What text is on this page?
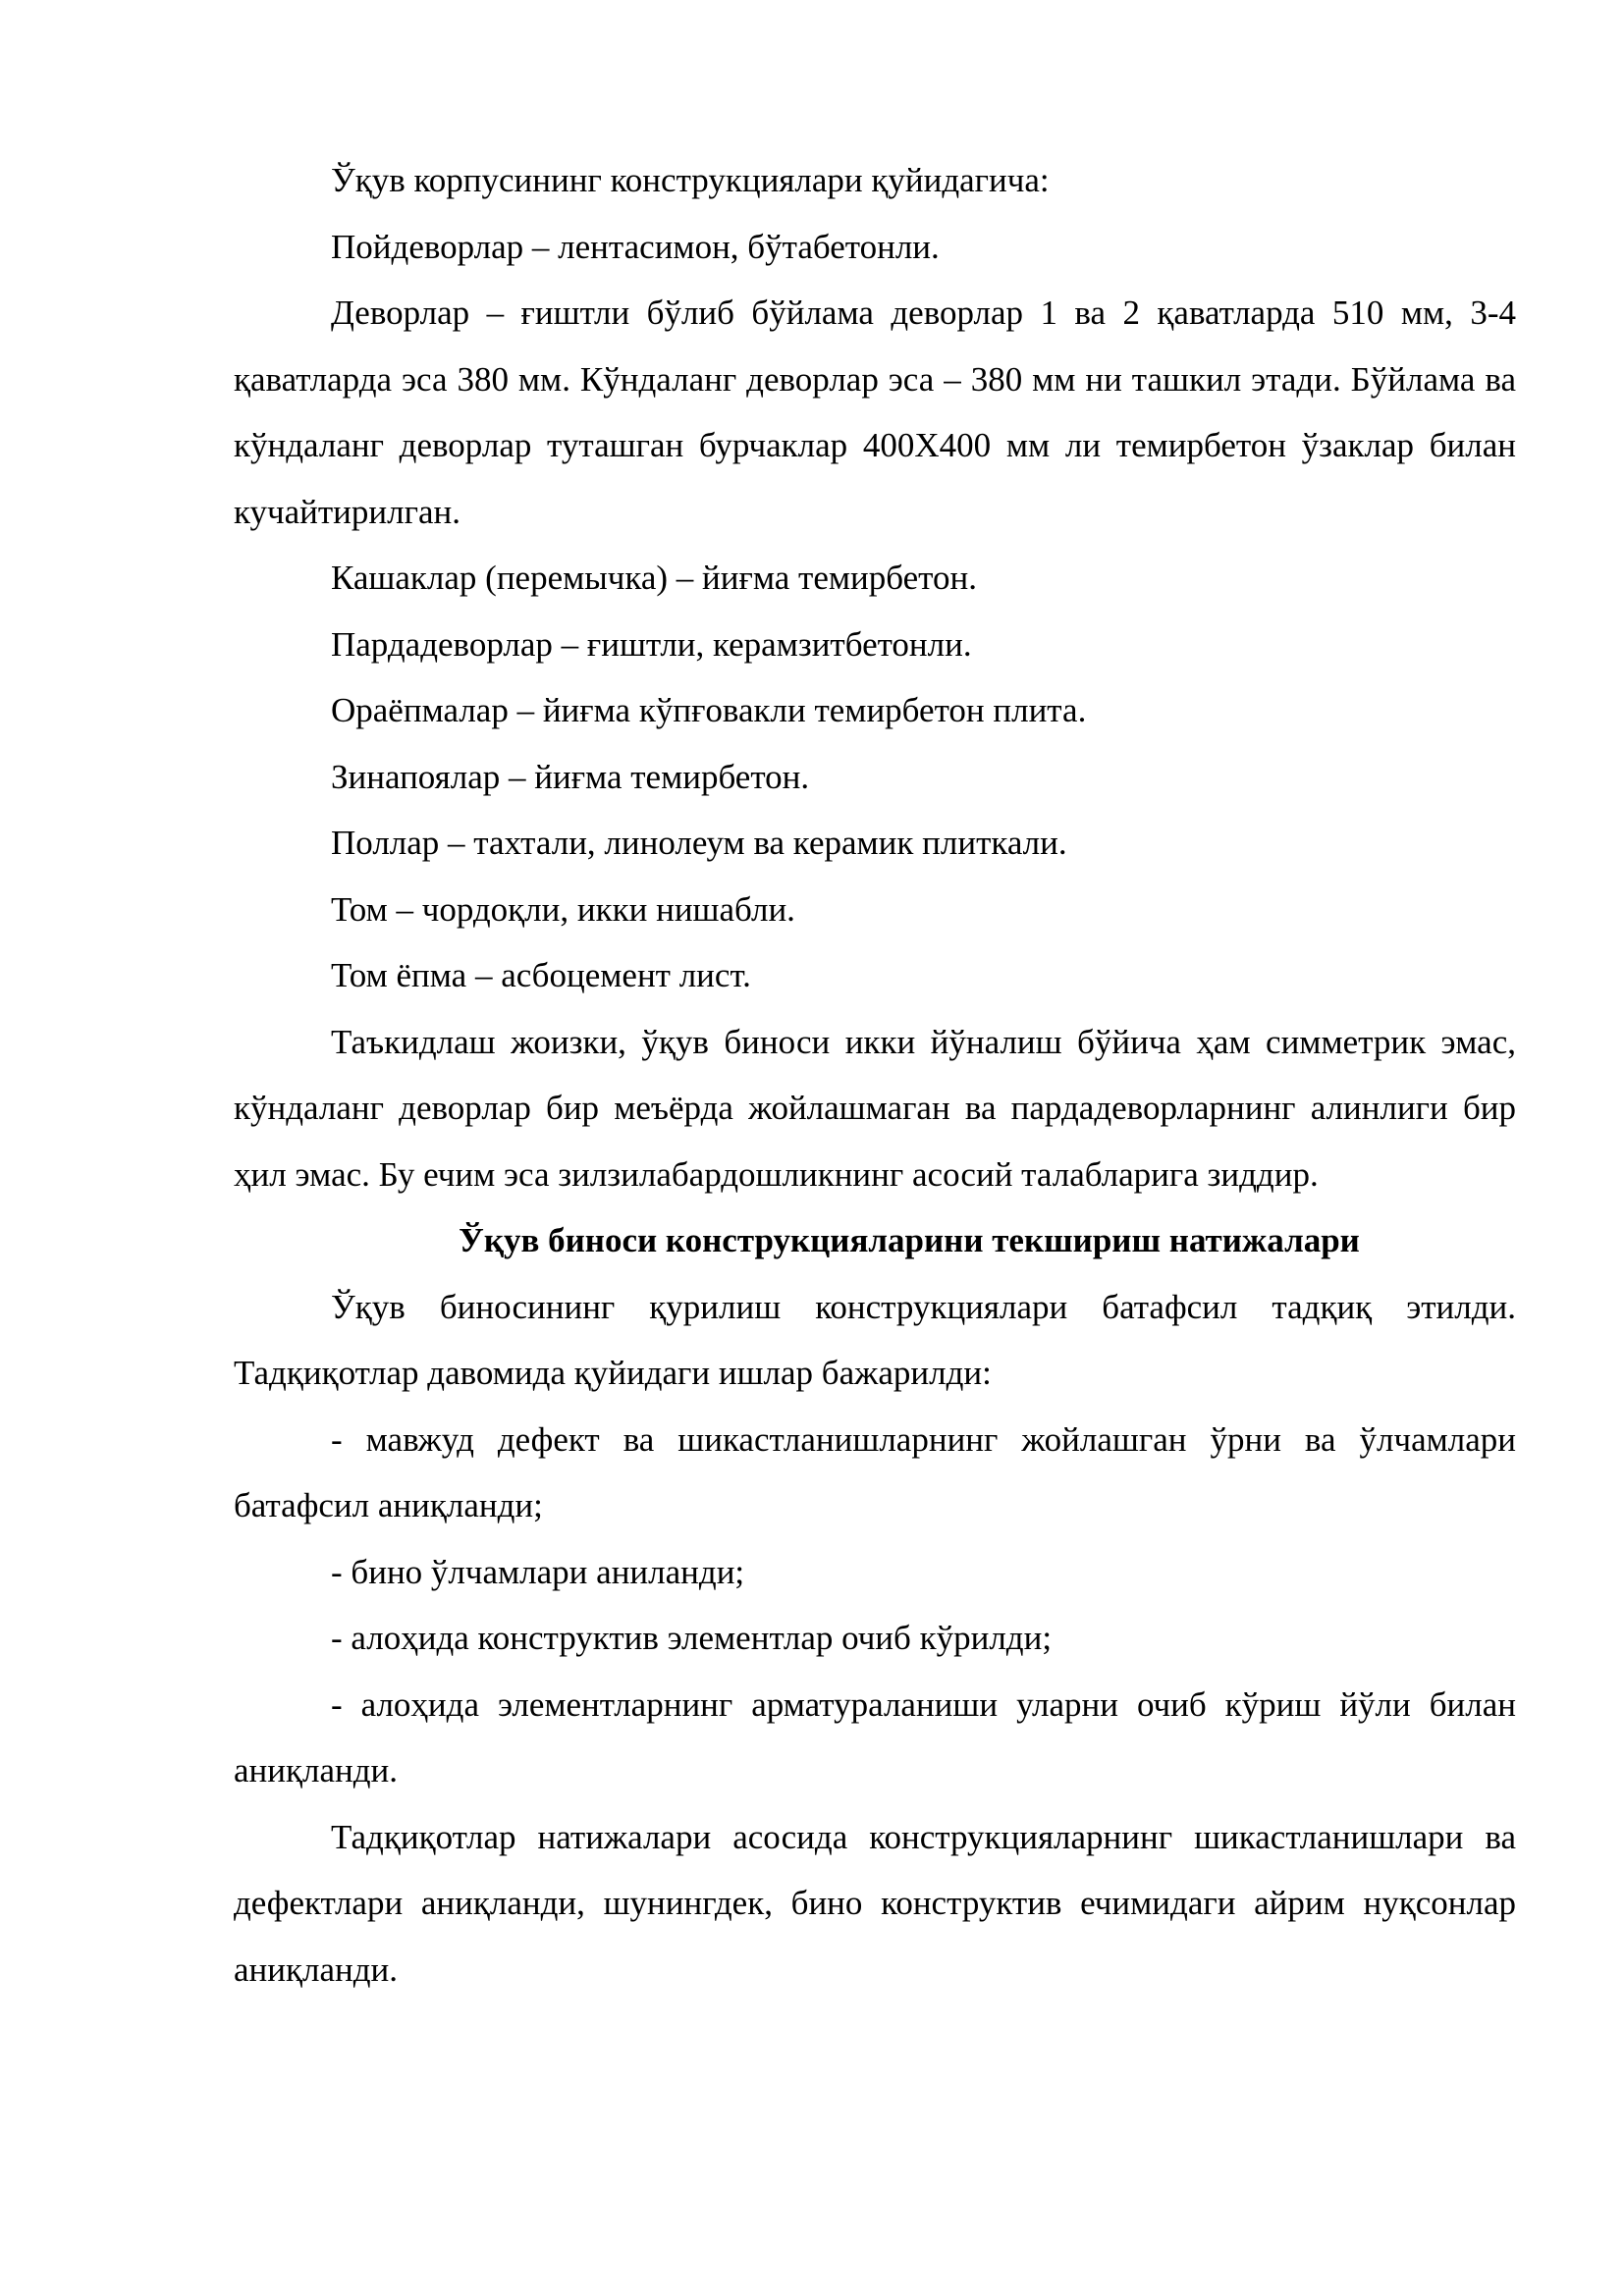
Ўқув корпусининг конструкциялари қуйидагича:

Пойдеворлар – лентасимон, бўтабетонли.

Деворлар – ғиштли бўлиб бўйлама деворлар 1 ва 2 қаватларда 510 мм, 3-4 қаватларда эса 380 мм. Кўндаланг деворлар эса – 380 мм ни ташкил этади. Бўйлама ва кўндаланг деворлар туташган бурчаклар 400Х400 мм ли темирбетон ўзаклар билан кучайтирилган.

Кашаклар (перемычка) – йиғма темирбетон.

Пардадеворлар – ғиштли, керамзитбетонли.

Ораёпмалар – йиғма кўпғовакли темирбетон плита.

Зинапоялар – йиғма темирбетон.

Поллар – тахтали, линолеум ва керамик плиткали.

Том – чордоқли, икки нишабли.

Том ёпма – асбоцемент лист.

Таъкидлаш жоизки, ўқув биноси икки йўналиш бўйича ҳам симметрик эмас, кўндаланг деворлар бир меъёрда жойлашмаган ва пардадеворларнинг алинлиги бир ҳил эмас. Бу ечим эса зилзилабардошликнинг асосий талабларига зиддир.

Ўқув биноси конструкцияларини текшириш натижалари

Ўқув биносининг қурилиш конструкциялари батафсил тадқиқ этилди. Тадқиқотлар давомида қуйидаги ишлар бажарилди:

- мавжуд дефект ва шикастланишларнинг жойлашган ўрни ва ўлчамлари батафсил аниқланди;

- бино ўлчамлари аниланди;

- алоҳида конструктив элементлар очиб кўрилди;

- алоҳида элементларнинг арматураланиши уларни очиб кўриш йўли билан аниқланди.

Тадқиқотлар натижалари асосида конструкцияларнинг шикастланишлари ва дефектлари аниқланди, шунингдек, бино конструктив ечимидаги айрим нуқсонлар аниқланди.
